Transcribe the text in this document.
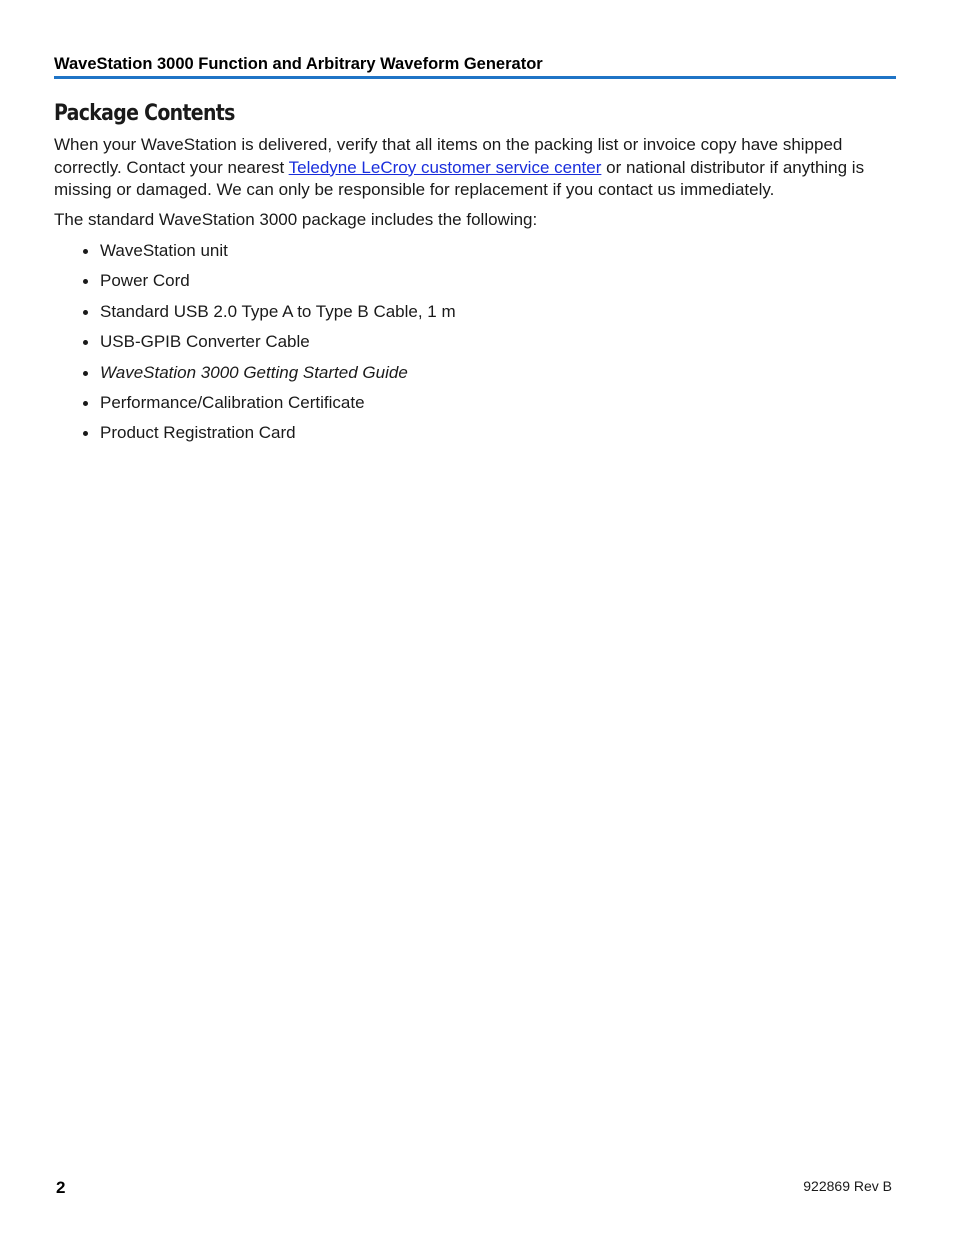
WaveStation 3000 Function and Arbitrary Waveform Generator
Package Contents

When your WaveStation is delivered, verify that all items on the packing list or invoice copy have shipped correctly. Contact your nearest Teledyne LeCroy customer service center or national distributor if anything is missing or damaged. We can only be responsible for replacement if you contact us immediately.

The standard WaveStation 3000 package includes the following:

WaveStation unit
Power Cord
Standard USB 2.0 Type A to Type B Cable, 1 m
USB-GPIB Converter Cable
WaveStation 3000 Getting Started Guide
Performance/Calibration Certificate
Product Registration Card
2	922869 Rev B
